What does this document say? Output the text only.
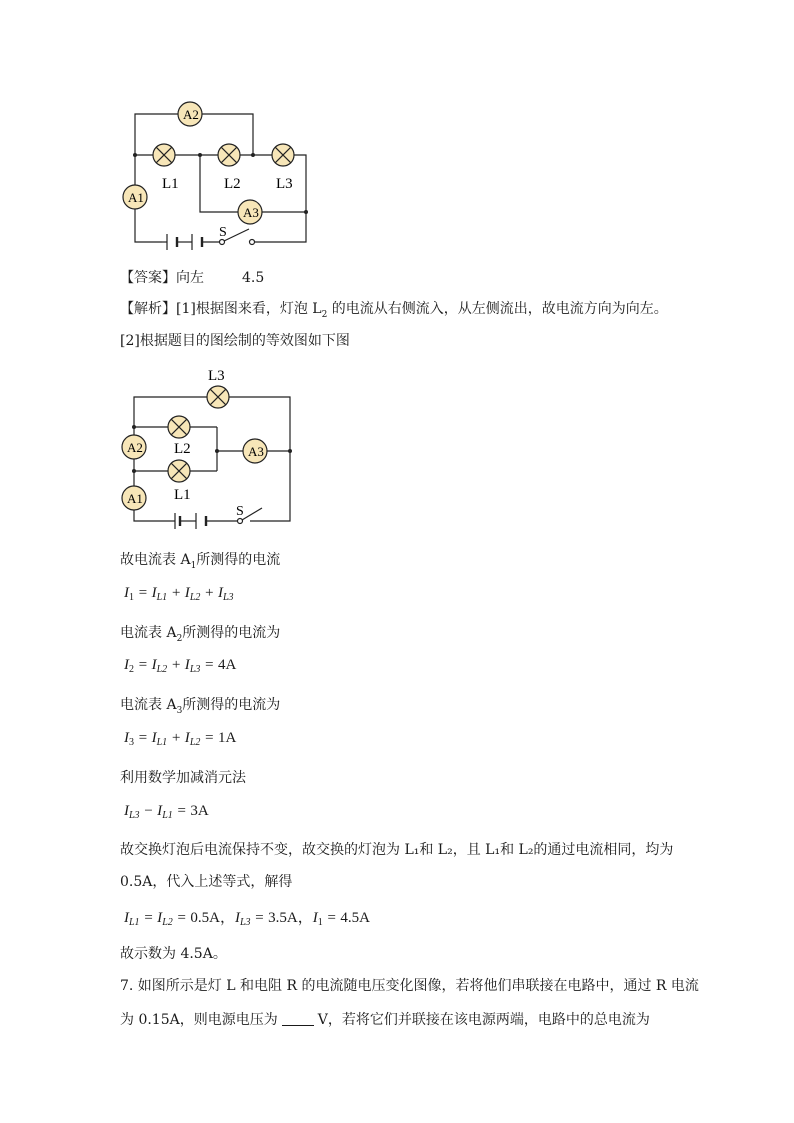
S
L1	L2 L3
A2
A1
A3
【答案】向左	4.5
【解析】[1]根据图来看，灯泡 $L_2$ 的电流从右侧流入，从左侧流出，故电流方向为向左。
[2]根据题目的图绘制的等效图如下图
S
L3
L2
L1
A2
A1
A3
故电流表 $A_1$所测得的电流
$I_1 = I_{L1} + I_{L2} + I_{L3}$
电流表 $A_2$所测得的电流为
$I_2 = I_{L2} + I_{L3} = 4A$
电流表 $A_3$所测得的电流为
$I_3 = I_{L1} + I_{L2} = 1A$
利用数学加减消元法
$I_{L3} - I_{L1} = 3A$
故交换灯泡后电流保持不变，故交换的灯泡为 L₁和 L₂，且 L₁和 L₂的通过电流相同，均为
0.5A，代入上述等式，解得
$I_{L1} = I_{L2} = 0.5A$，$I_{L3} = 3.5A$，$I_1 = 4.5A$
故示数为 4.5A。
7. 如图所示是灯 L 和电阻 R 的电流随电压变化图像，若将他们串联接在电路中，通过 R 电流
为 0.15A，则电源电压为	V，若将它们并联接在该电源两端，电路中的总电流为
